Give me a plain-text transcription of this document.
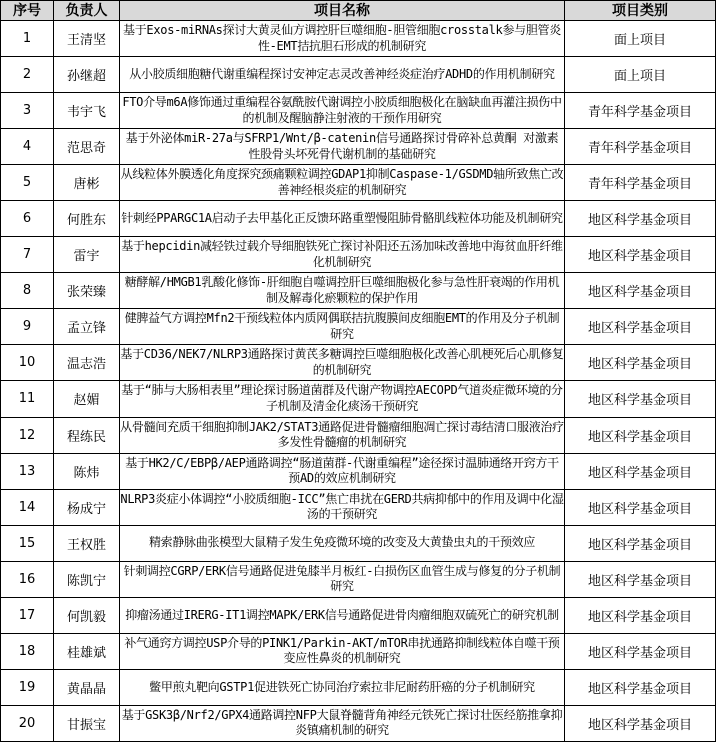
序号	负责人	项目名称	项目类别
1	王清坚	基于Exos-miRNAs探讨大黄灵仙方调控肝巨噬细胞-胆管细胞crosstalk参与胆管炎性-EMT拮抗胆石形成的机制研究	面上项目
2	孙继超	从小胶质细胞糖代谢重编程探讨安神定志灵改善神经炎症治疗ADHD的作用机制研究	面上项目
3	韦宇飞	FTO介导m6A修饰通过重编程谷氨酰胺代谢调控小胶质细胞极化在脑缺血再灌注损伤中的机制及醒脑静注射液的干预作用研究	青年科学基金项目
4	范思奇	基于外泌体miR-27a与SFRP1/Wnt/β-catenin信号通路探讨骨碎补总黄酮 对激素性股骨头坏死骨代谢机制的基础研究	青年科学基金项目
5	唐彬	从线粒体外膜透化角度探究颈痛颗粒调控GDAP1抑制Caspase-1/GSDMD轴所致焦亡改善神经根炎症的机制研究	青年科学基金项目
6	何胜东	针刺经PPARGC1A启动子去甲基化正反馈环路重塑慢阻肺骨骼肌线粒体功能及机制研究	地区科学基金项目
7	雷宇	基于hepcidin减轻铁过载介导细胞铁死亡探讨补阳还五汤加味改善地中海贫血肝纤维化机制研究	地区科学基金项目
8	张荣臻	糖酵解/HMGB1乳酸化修饰-肝细胞自噬调控肝巨噬细胞极化参与急性肝衰竭的作用机制及解毒化瘀颗粒的保护作用	地区科学基金项目
9	孟立锋	健脾益气方调控Mfn2干预线粒体内质网偶联拮抗腹膜间皮细胞EMT的作用及分子机制研究	地区科学基金项目
10	温志浩	基于CD36/NEK7/NLRP3通路探讨黄芪多糖调控巨噬细胞极化改善心肌梗死后心肌修复的机制研究	地区科学基金项目
11	赵媚	基于“肺与大肠相表里”理论探讨肠道菌群及代谢产物调控AECOPD气道炎症微环境的分子机制及清金化痰汤干预研究	地区科学基金项目
12	程练民	从骨髓间充质干细胞抑制JAK2/STAT3通路促进骨髓瘤细胞凋亡探讨毒结清口服液治疗多发性骨髓瘤的机制研究	地区科学基金项目
13	陈炜	基于HK2/C/EBPβ/AEP通路调控“肠道菌群-代谢重编程”途径探讨温肺通络开窍方干预AD的效应机制研究	地区科学基金项目
14	杨成宁	NLRP3炎症小体调控“小胶质细胞-ICC”焦亡串扰在GERD共病抑郁中的作用及调中化湿汤的干预研究	地区科学基金项目
15	王权胜	精索静脉曲张模型大鼠精子发生免疫微环境的改变及大黄蛰虫丸的干预效应	地区科学基金项目
16	陈凯宁	针刺调控CGRP/ERK信号通路促进兔膝半月板红-白损伤区血管生成与修复的分子机制研究	地区科学基金项目
17	何凯毅	抑瘤汤通过IRERG-IT1调控MAPK/ERK信号通路促进骨肉瘤细胞双硫死亡的研究机制	地区科学基金项目
18	桂雄斌	补气通窍方调控USP介导的PINK1/Parkin-AKT/mTOR串扰通路抑制线粒体自噬干预变应性鼻炎的机制研究	地区科学基金项目
19	黄晶晶	鳖甲煎丸靶向GSTP1促进铁死亡协同治疗索拉非尼耐药肝癌的分子机制研究	地区科学基金项目
20	甘振宝	基于GSK3β/Nrf2/GPX4通路调控NFP大鼠脊髓背角神经元铁死亡探讨壮医经筋推拿抑炎镇痛机制的研究	地区科学基金项目
